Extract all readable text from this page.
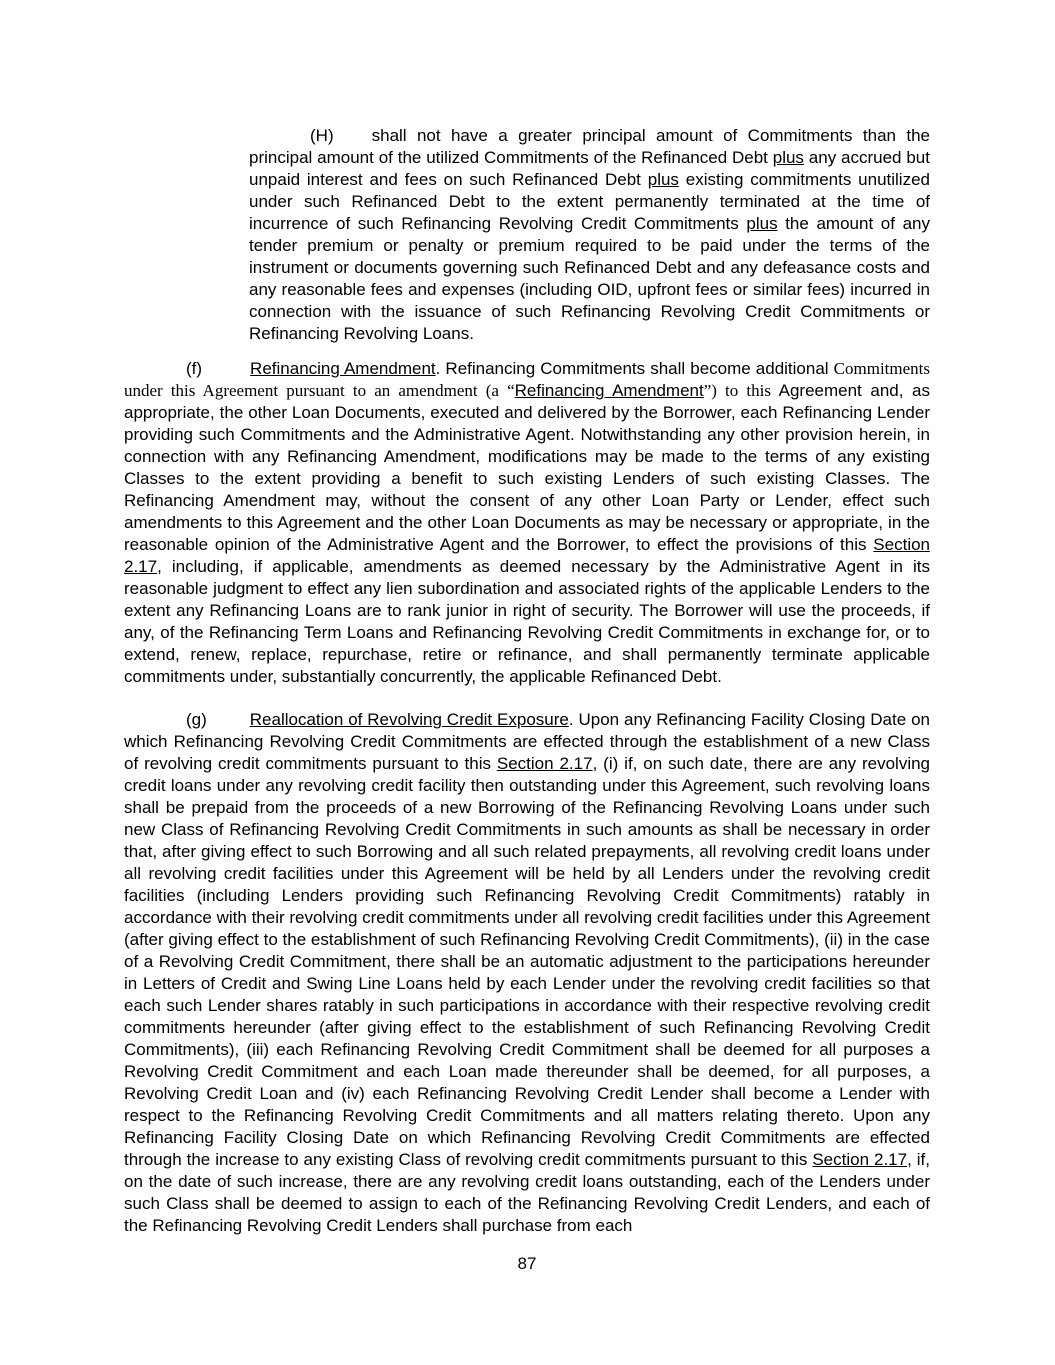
(H) shall not have a greater principal amount of Commitments than the principal amount of the utilized Commitments of the Refinanced Debt plus any accrued but unpaid interest and fees on such Refinanced Debt plus existing commitments unutilized under such Refinanced Debt to the extent permanently terminated at the time of incurrence of such Refinancing Revolving Credit Commitments plus the amount of any tender premium or penalty or premium required to be paid under the terms of the instrument or documents governing such Refinanced Debt and any defeasance costs and any reasonable fees and expenses (including OID, upfront fees or similar fees) incurred in connection with the issuance of such Refinancing Revolving Credit Commitments or Refinancing Revolving Loans.

(f)	Refinancing Amendment. Refinancing Commitments shall become additional Commitments under this Agreement pursuant to an amendment (a “Refinancing Amendment”) to this Agreement and, as appropriate, the other Loan Documents, executed and delivered by the Borrower, each Refinancing Lender providing such Commitments and the Administrative Agent. Notwithstanding any other provision herein, in connection with any Refinancing Amendment, modifications may be made to the terms of any existing Classes to the extent providing a benefit to such existing Lenders of such existing Classes. The Refinancing Amendment may, without the consent of any other Loan Party or Lender, effect such amendments to this Agreement and the other Loan Documents as may be necessary or appropriate, in the reasonable opinion of the Administrative Agent and the Borrower, to effect the provisions of this Section 2.17, including, if applicable, amendments as deemed necessary by the Administrative Agent in its reasonable judgment to effect any lien subordination and associated rights of the applicable Lenders to the extent any Refinancing Loans are to rank junior in right of security. The Borrower will use the proceeds, if any, of the Refinancing Term Loans and Refinancing Revolving Credit Commitments in exchange for, or to extend, renew, replace, repurchase, retire or refinance, and shall permanently terminate applicable commitments under, substantially concurrently, the applicable Refinanced Debt.

(g)	Reallocation of Revolving Credit Exposure. Upon any Refinancing Facility Closing Date on which Refinancing Revolving Credit Commitments are effected through the establishment of a new Class of revolving credit commitments pursuant to this Section 2.17, (i) if, on such date, there are any revolving credit loans under any revolving credit facility then outstanding under this Agreement, such revolving loans shall be prepaid from the proceeds of a new Borrowing of the Refinancing Revolving Loans under such new Class of Refinancing Revolving Credit Commitments in such amounts as shall be necessary in order that, after giving effect to such Borrowing and all such related prepayments, all revolving credit loans under all revolving credit facilities under this Agreement will be held by all Lenders under the revolving credit facilities (including Lenders providing such Refinancing Revolving Credit Commitments) ratably in accordance with their revolving credit commitments under all revolving credit facilities under this Agreement (after giving effect to the establishment of such Refinancing Revolving Credit Commitments), (ii) in the case of a Revolving Credit Commitment, there shall be an automatic adjustment to the participations hereunder in Letters of Credit and Swing Line Loans held by each Lender under the revolving credit facilities so that each such Lender shares ratably in such participations in accordance with their respective revolving credit commitments hereunder (after giving effect to the establishment of such Refinancing Revolving Credit Commitments), (iii) each Refinancing Revolving Credit Commitment shall be deemed for all purposes a Revolving Credit Commitment and each Loan made thereunder shall be deemed, for all purposes, a Revolving Credit Loan and (iv) each Refinancing Revolving Credit Lender shall become a Lender with respect to the Refinancing Revolving Credit Commitments and all matters relating thereto. Upon any Refinancing Facility Closing Date on which Refinancing Revolving Credit Commitments are effected through the increase to any existing Class of revolving credit commitments pursuant to this Section 2.17, if, on the date of such increase, there are any revolving credit loans outstanding, each of the Lenders under such Class shall be deemed to assign to each of the Refinancing Revolving Credit Lenders, and each of the Refinancing Revolving Credit Lenders shall purchase from each

87
